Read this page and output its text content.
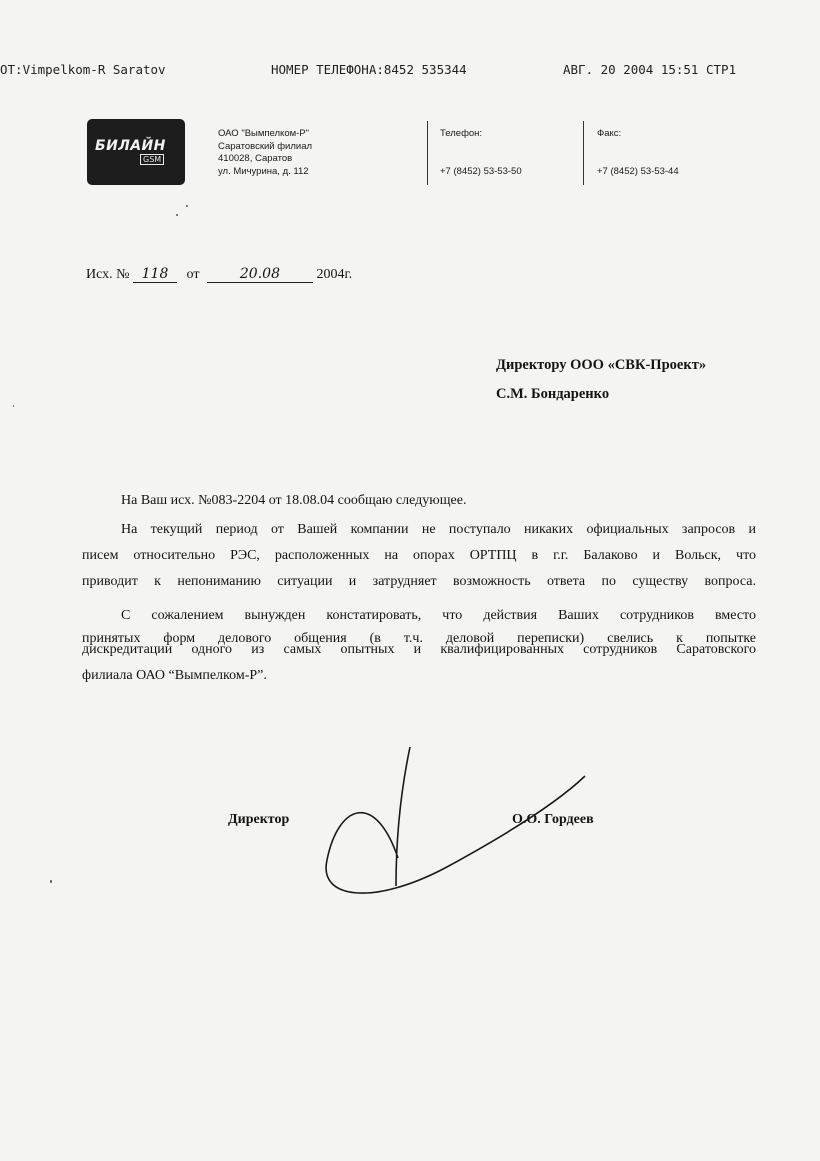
OT:Vimpelkom-R Saratov	НОМЕР ТЕЛЕФОНА:8452 535344	АВГ. 20 2004 15:51 СТР1
БИЛАЙН
GSM
ОАО "Вымпелком-Р"
Саратовский филиал
410028, Саратов
ул. Мичурина, д. 112
Телефон:
+7 (8452) 53-53-50
Факс:
+7 (8452) 53-53-44
Исх. № 118 от	20.08	2004г.
Директору ООО «СВК-Проект»
С.М. Бондаренко
На Ваш исх. №083-2204 от 18.08.04 сообщаю следующее.
На текущий период от Вашей компании не поступало никаких официальных запросов и
писем относительно РЭС, расположенных на опорах ОРТПЦ в г.г. Балаково и Вольск, что
приводит к непониманию ситуации и затрудняет возможность ответа по существу вопроса.
С сожалением вынужден констатировать, что действия Ваших сотрудников вместо
принятых форм делового общения (в т.ч. деловой переписки) свелись к попытке
дискредитации одного из самых опытных и квалифицированных сотрудников Саратовского
филиала ОАО “Вымпелком-Р”.
Директор	О.О. Гордеев
